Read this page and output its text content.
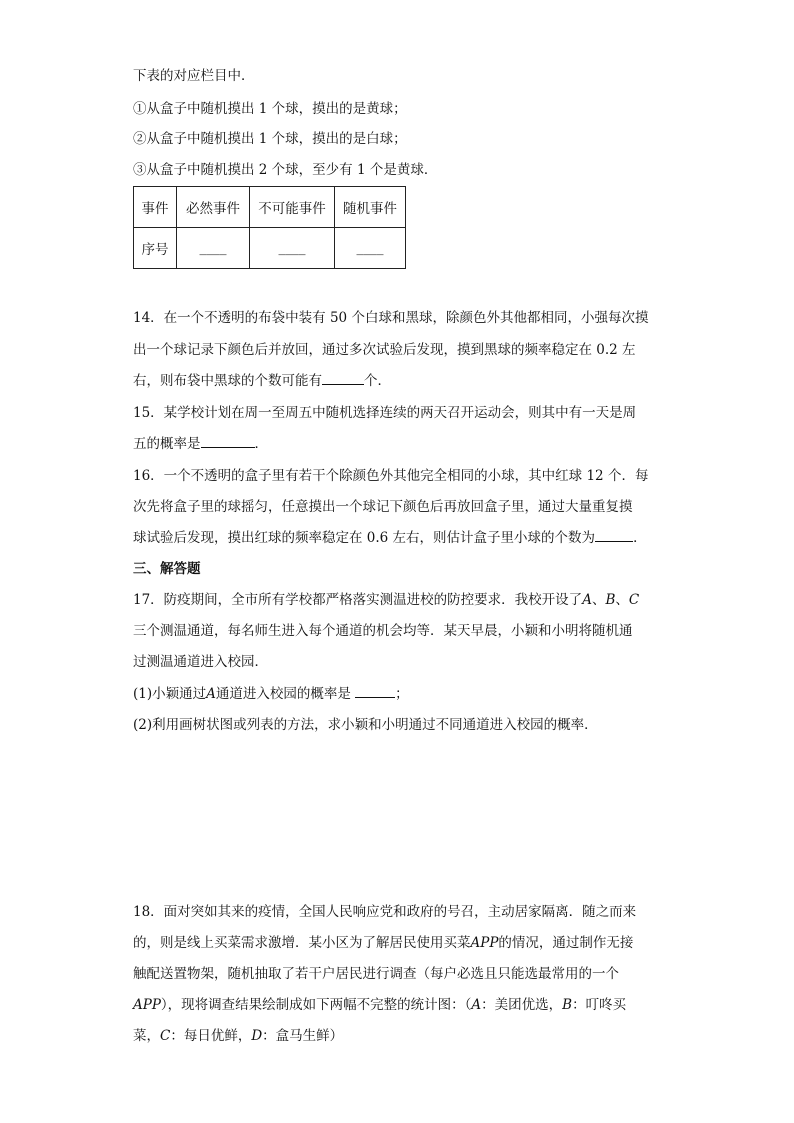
下表的对应栏目中．
①从盒子中随机摸出 1 个球，摸出的是黄球；
②从盒子中随机摸出 1 个球，摸出的是白球；
③从盒子中随机摸出 2 个球，至少有 1 个是黄球．
事件	必然事件	不可能事件	随机事件
序号	____	____	____
14．在一个不透明的布袋中装有 50 个白球和黑球，除颜色外其他都相同，小强每次摸
出一个球记录下颜色后并放回，通过多次试验后发现，摸到黑球的频率稳定在 0.2 左
右，则布袋中黑球的个数可能有	个．
15．某学校计划在周一至周五中随机选择连续的两天召开运动会，则其中有一天是周
五的概率是	．
16．一个不透明的盒子里有若干个除颜色外其他完全相同的小球，其中红球 12 个．每
次先将盒子里的球摇匀，任意摸出一个球记下颜色后再放回盒子里，通过大量重复摸
球试验后发现，摸出红球的频率稳定在 0.6 左右，则估计盒子里小球的个数为	．
三、解答题
17．防疫期间，全市所有学校都严格落实测温进校的防控要求．我校开设了A、B、C
三个测温通道，每名师生进入每个通道的机会均等．某天早晨，小颖和小明将随机通
过测温通道进入校园．
(1)小颖通过A通道进入校园的概率是	；
(2)利用画树状图或列表的方法，求小颖和小明通过不同通道进入校园的概率．
18．面对突如其来的疫情，全国人民响应党和政府的号召，主动居家隔离．随之而来
的，则是线上买菜需求激增．某小区为了解居民使用买菜APP的情况，通过制作无接
触配送置物架，随机抽取了若干户居民进行调查（每户必选且只能选最常用的一个
APP），现将调查结果绘制成如下两幅不完整的统计图：（A：美团优选，B：叮咚买
菜，C：每日优鲜，D：盒马生鲜）
